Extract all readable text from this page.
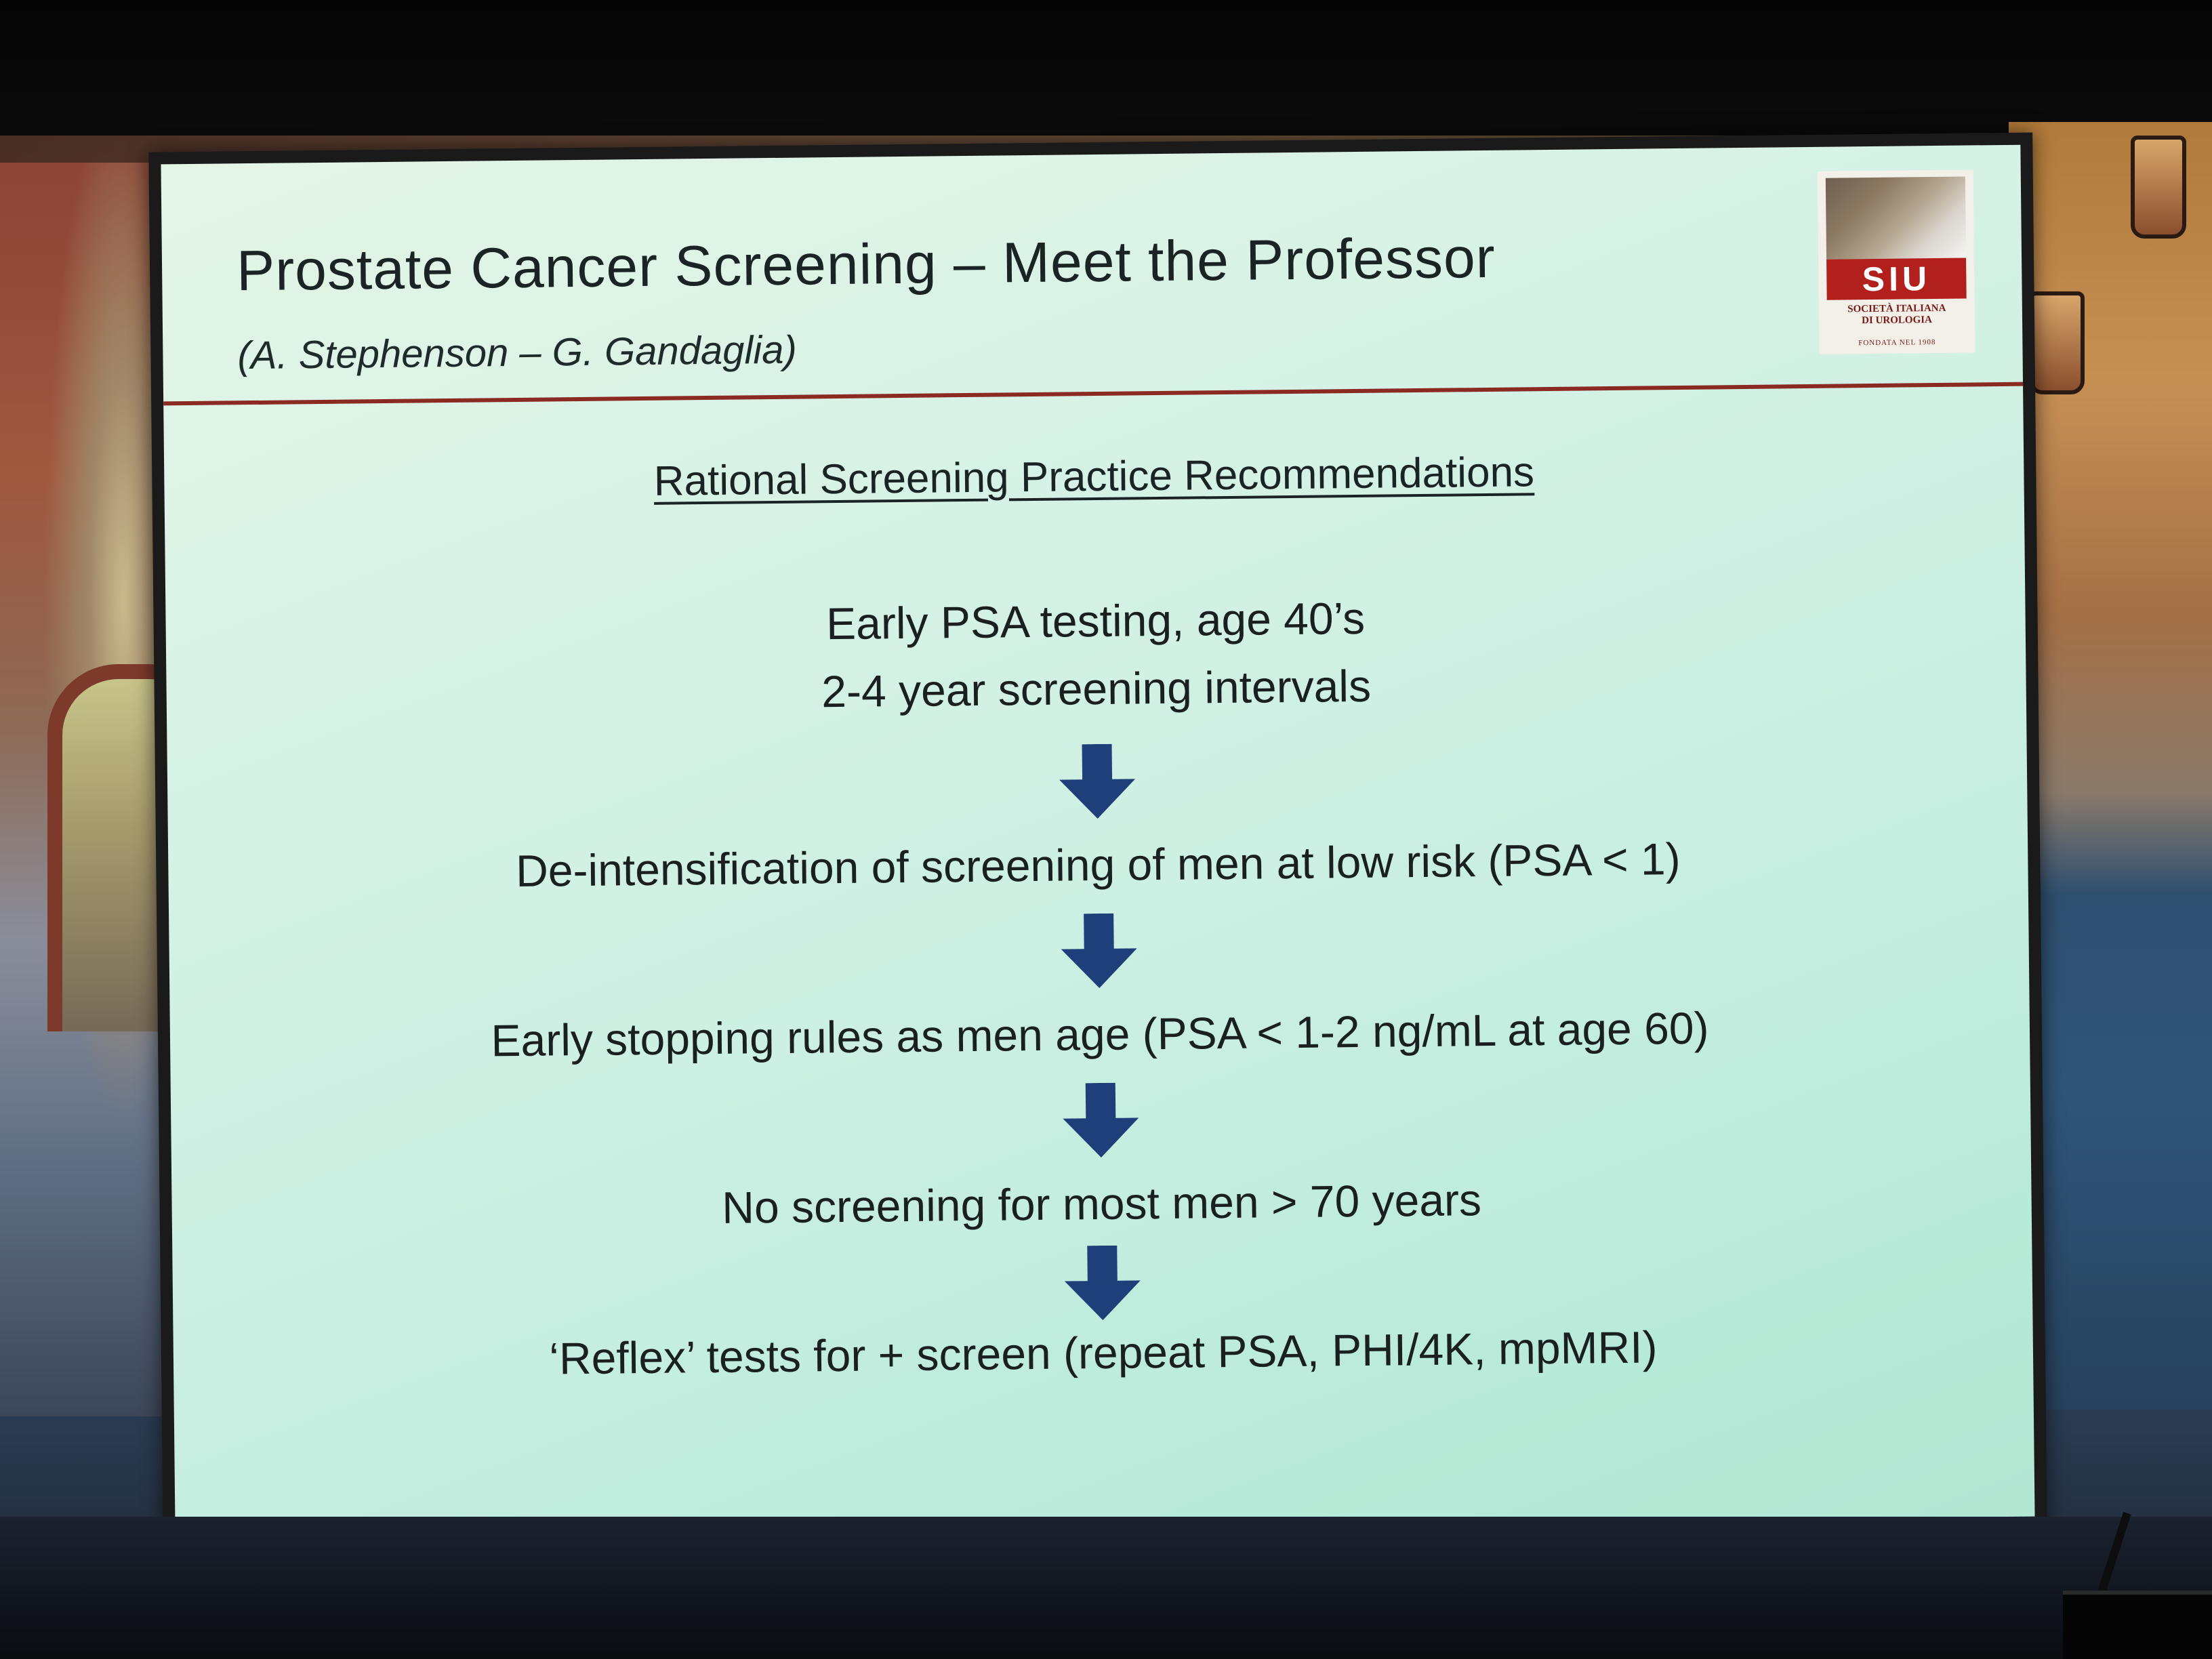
Prostate Cancer Screening – Meet the Professor
(A. Stephenson – G. Gandaglia)
SIU
SOCIETÀ ITALIANA
DI UROLOGIA
FONDATA NEL 1908
Rational Screening Practice Recommendations
Early PSA testing, age 40’s
2-4 year screening intervals
De-intensification of screening of men at low risk (PSA < 1)
Early stopping rules as men age (PSA < 1-2 ng/mL at age 60)
No screening for most men > 70 years
‘Reflex’ tests for + screen (repeat PSA, PHI/4K, mpMRI)
